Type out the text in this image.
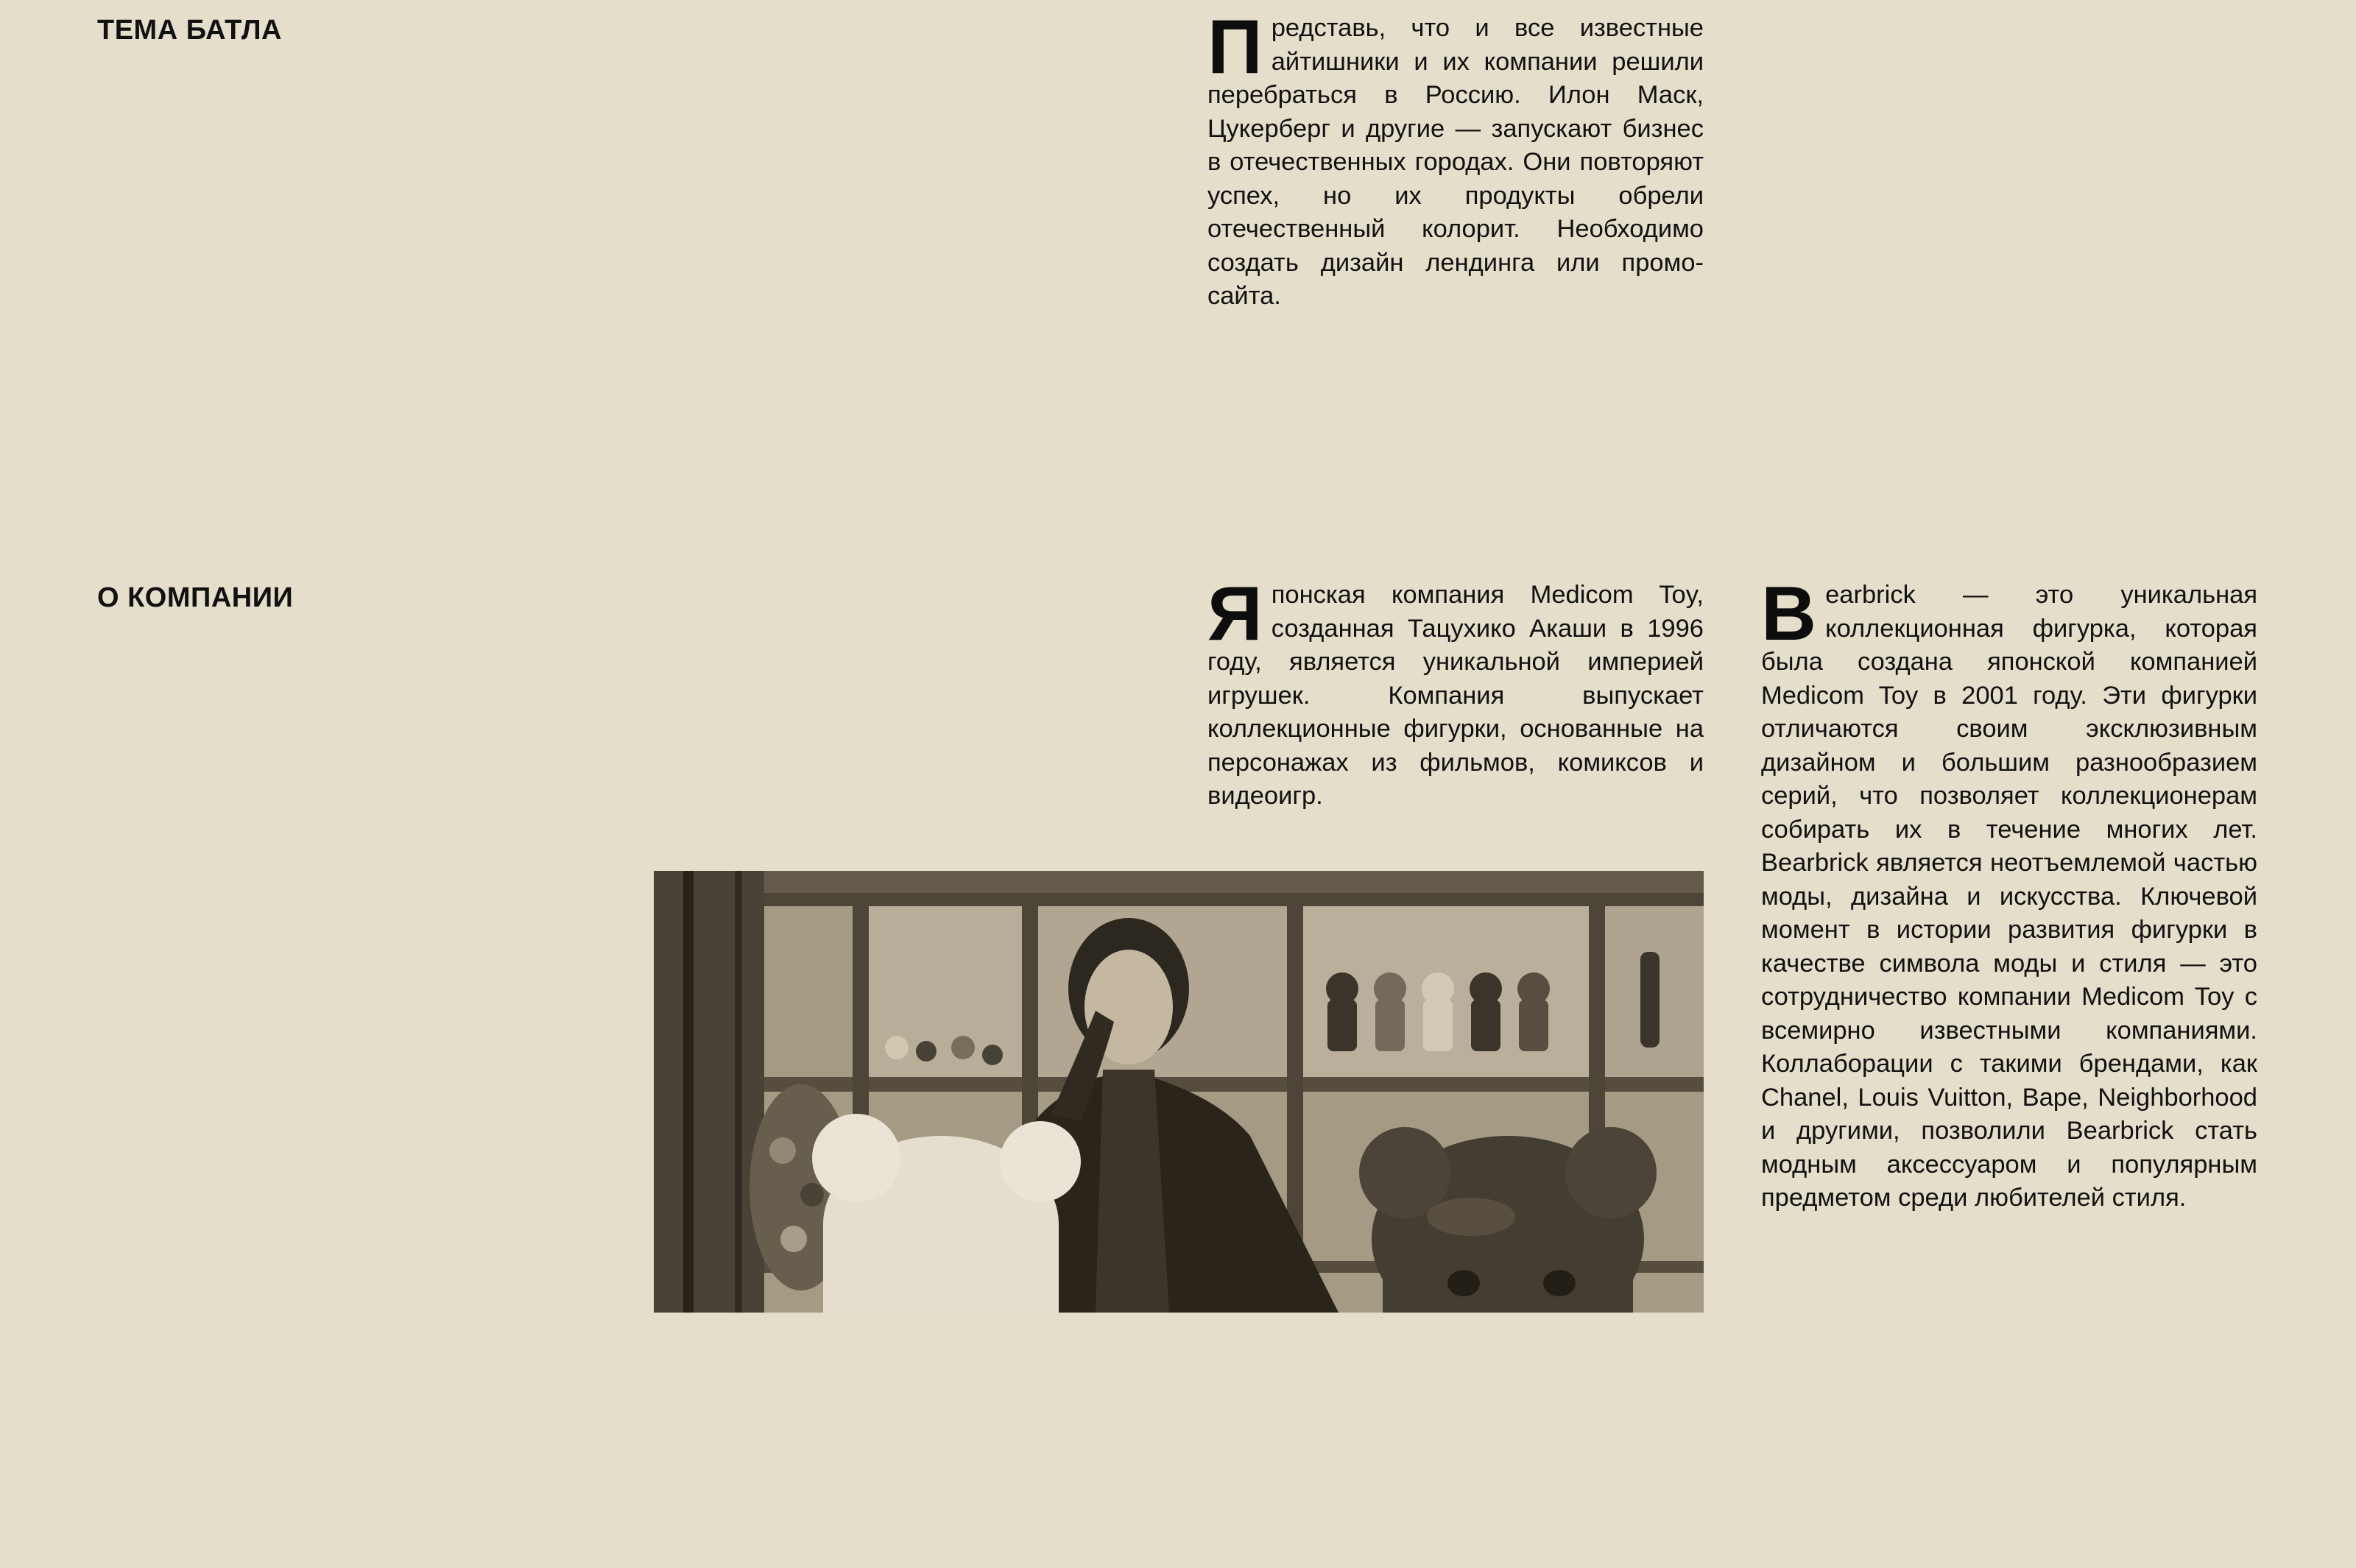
ТЕМА БАТЛА	Представь, что и все известные айтишники и их компании решили перебраться в Россию. Илон Маск, Цукерберг и другие — запускают бизнес в отечественных городах. Они повторяют успех, но их продукты обрели отечественный колорит. Необходимо создать дизайн лендинга или промо-сайта.

О КОМПАНИИ	Японская компания Medicom Toy, созданная Тацухико Акаши в 1996 году, является уникальной империей игрушек. Компания выпускает коллекционные фигурки, основанные на персонажах из фильмов, комиксов и видеоигр.

Bearbrick — это уникальная коллекционная фигурка, которая была создана японской компанией Medicom Toy в 2001 году. Эти фигурки отличаются своим эксклюзивным дизайном и большим разнообразием серий, что позволяет коллекционерам собирать их в течение многих лет. Bearbrick является неотъемлемой частью моды, дизайна и искусства. Ключевой момент в истории развития фигурки в качестве символа моды и стиля — это сотрудничество компании Medicom Toy с всемирно известными компаниями. Коллаборации с такими брендами, как Chanel, Louis Vuitton, Bape, Neighborhood и другими, позволили Bearbrick стать модным аксессуаром и популярным предметом среди любителей стиля.
